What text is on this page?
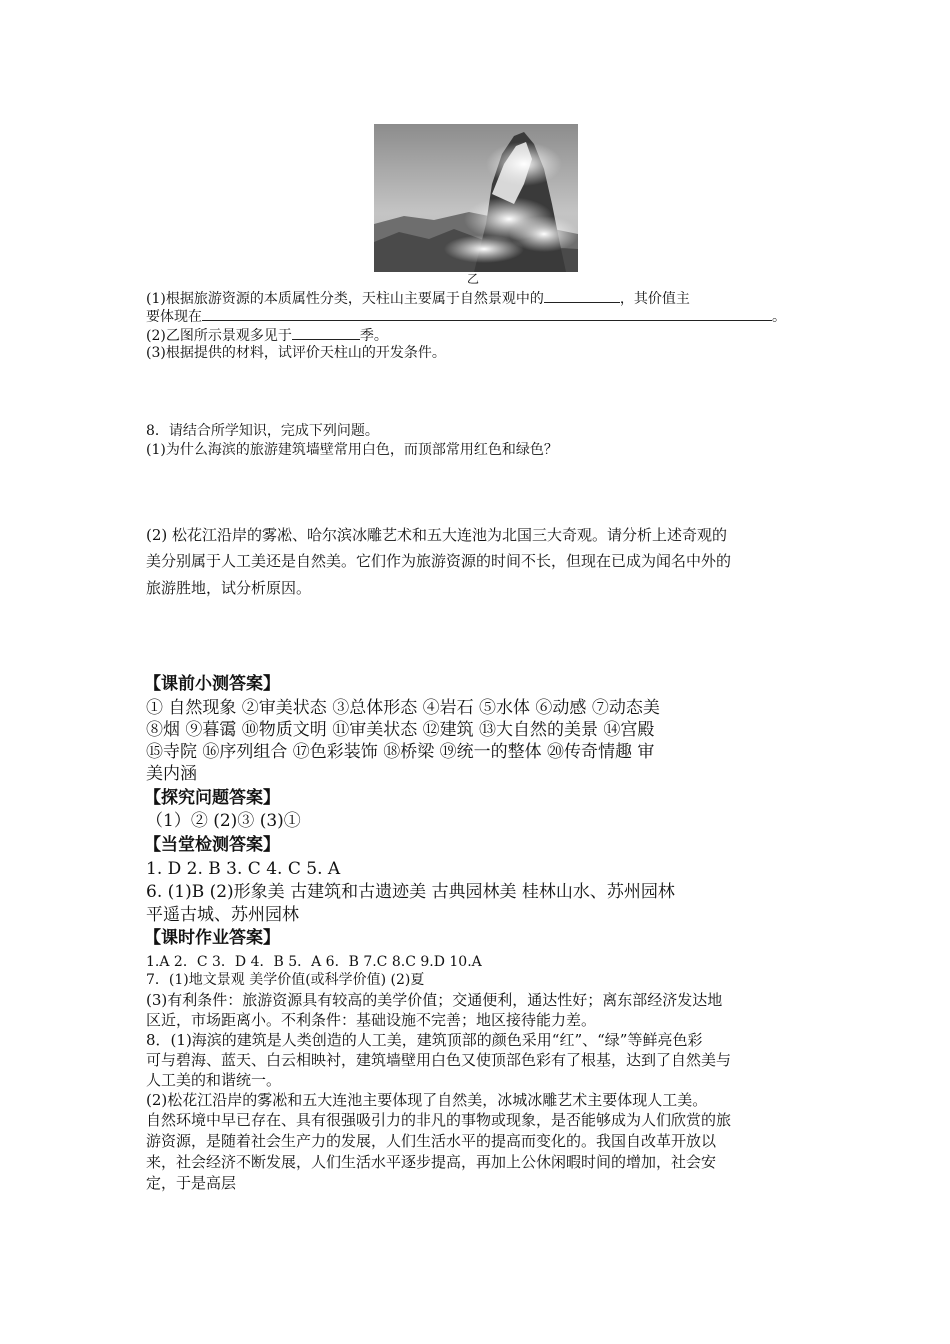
乙
(1)根据旅游资源的本质属性分类，天柱山主要属于自然景观中的	，其价值主
要体现在	。
(2)乙图所示景观多见于	季。
(3)根据提供的材料，试评价天柱山的开发条件。
8．请结合所学知识，完成下列问题。
(1)为什么海滨的旅游建筑墙壁常用白色，而顶部常用红色和绿色？
(2) 松花江沿岸的雾凇、哈尔滨冰雕艺术和五大连池为北国三大奇观。请分析上述奇观的
美分别属于人工美还是自然美。它们作为旅游资源的时间不长，但现在已成为闻名中外的
旅游胜地，试分析原因。
【课前小测答案】
① 自然现象 ②审美状态 ③总体形态 ④岩石 ⑤水体 ⑥动感 ⑦动态美
⑧烟 ⑨暮霭 ⑩物质文明 ⑪审美状态 ⑫建筑 ⑬大自然的美景 ⑭宫殿
⑮寺院 ⑯序列组合 ⑰色彩装饰 ⑱桥梁 ⑲统一的整体 ⑳传奇情趣 审
美内涵
【探究问题答案】
（1）② (2)③ (3)①
【当堂检测答案】
1. D 2. B 3. C 4. C 5. A
6. (1)B (2)形象美 古建筑和古遗迹美 古典园林美 桂林山水、苏州园林
平遥古城、苏州园林
【课时作业答案】
1.A 2．C 3．D 4．B 5．A 6．B 7.C 8.C 9.D 10.A
7．(1)地文景观 美学价值(或科学价值) (2)夏
(3)有利条件：旅游资源具有较高的美学价值；交通便利，通达性好；离东部经济发达地
区近，市场距离小。不利条件：基础设施不完善；地区接待能力差。
8．(1)海滨的建筑是人类创造的人工美，建筑顶部的颜色采用“红”、“绿”等鲜亮色彩
可与碧海、蓝天、白云相映衬，建筑墙壁用白色又使顶部色彩有了根基，达到了自然美与
人工美的和谐统一。
(2)松花江沿岸的雾凇和五大连池主要体现了自然美，冰城冰雕艺术主要体现人工美。
自然环境中早已存在、具有很强吸引力的非凡的事物或现象，是否能够成为人们欣赏的旅
游资源，是随着社会生产力的发展，人们生活水平的提高而变化的。我国自改革开放以
来，社会经济不断发展，人们生活水平逐步提高，再加上公休闲暇时间的增加，社会安
定，于是高层
